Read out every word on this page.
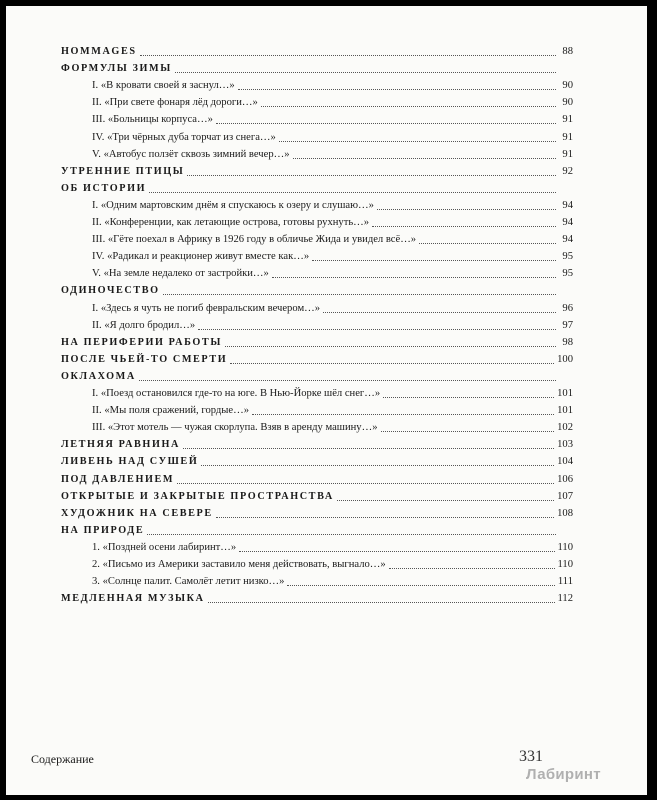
HOMMAGES	88
ФОРМУЛЫ ЗИМЫ
I. «В кровати своей я заснул…»	90
II. «При свете фонаря лёд дороги…»	90
III. «Больницы корпуса…»	91
IV. «Три чёрных дуба торчат из снега…»	91
V. «Автобус ползёт сквозь зимний вечер…»	91
УТРЕННИЕ ПТИЦЫ	92
ОБ ИСТОРИИ
I. «Одним мартовским днём я спускаюсь к озеру и слушаю…»	94
II. «Конференции, как летающие острова, готовы рухнуть…»	94
III. «Гёте поехал в Африку в 1926 году в обличье Жида и увидел всё…»	94
IV. «Радикал и реакционер живут вместе как…»	95
V. «На земле недалеко от застройки…»	95
ОДИНОЧЕСТВО
I. «Здесь я чуть не погиб февральским вечером…»	96
II. «Я долго бродил…»	97
НА ПЕРИФЕРИИ РАБОТЫ	98
ПОСЛЕ ЧЬЕЙ-ТО СМЕРТИ	100
ОКЛАХОМА
I. «Поезд остановился где-то на юге. В Нью-Йорке шёл снег…»	101
II. «Мы поля сражений, гордые…»	101
III. «Этот мотель — чужая скорлупа. Взяв в аренду машину…»	102
ЛЕТНЯЯ РАВНИНА	103
ЛИВЕНЬ НАД СУШЕЙ	104
ПОД ДАВЛЕНИЕМ	106
ОТКРЫТЫЕ И ЗАКРЫТЫЕ ПРОСТРАНСТВА	107
ХУДОЖНИК НА СЕВЕРЕ	108
НА ПРИРОДЕ
1. «Поздней осени лабиринт…»	110
2. «Письмо из Америки заставило меня действовать, выгнало…»	110
3. «Солнце палит. Самолёт летит низко…»	111
МЕДЛЕННАЯ МУЗЫКА	112
Содержание	331
Лабиринт
